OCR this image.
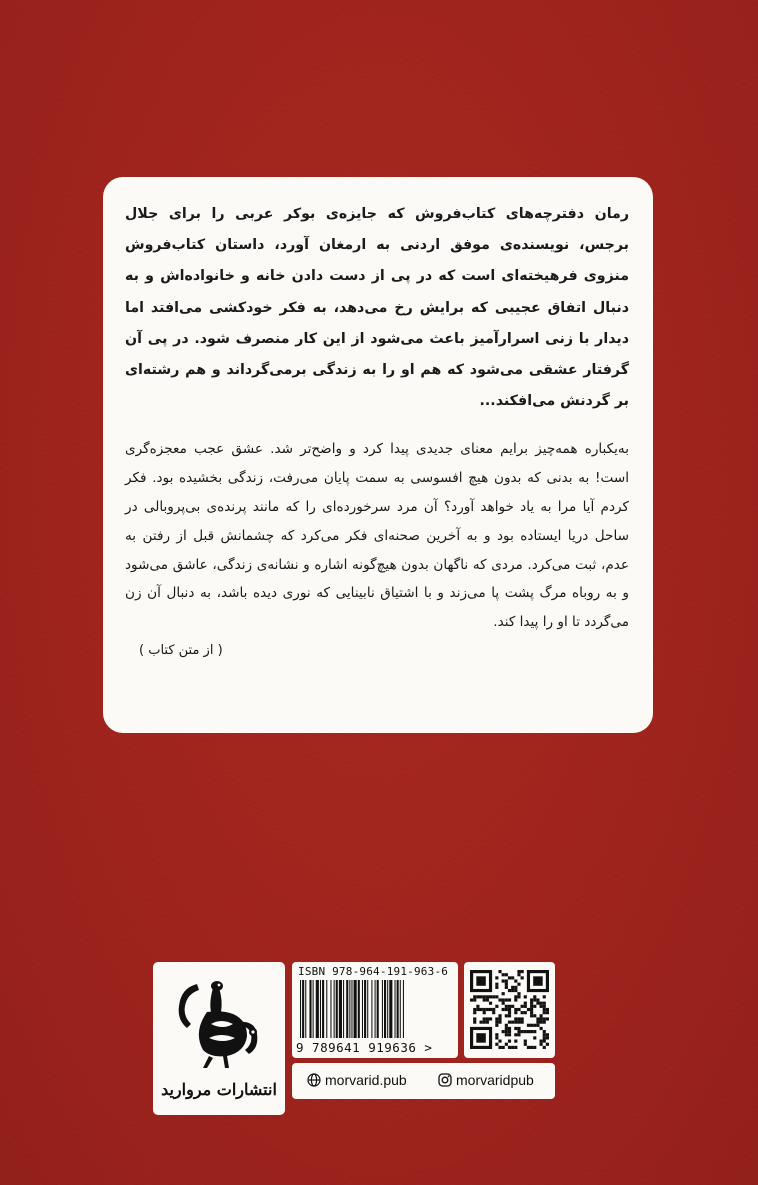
رمان دفترچه‌های کتاب‌فروش که جایزه‌ی بوکر عربی را برای جلال برجس، نویسنده‌ی موفق اردنی به ارمغان آورد، داستان کتاب‌فروش منزوی فرهیخته‌ای است که در پی از دست دادن خانه و خانواده‌اش و به دنبال اتفاق عجیبی که برایش رخ می‌دهد، به فکر خودکشی می‌افتد اما دیدار با زنی اسرارآمیز باعث می‌شود از این کار منصرف شود. در پی آن گرفتار عشقی می‌شود که هم او را به زندگی برمی‌گرداند و هم رشته‌ای بر گردنش می‌افکند...

به‌یکباره همه‌چیز برایم معنای جدیدی پیدا کرد و واضح‌تر شد. عشق عجب معجزه‌گری است! به بدنی که بدون هیچ افسوسی به سمت پایان می‌رفت، زندگی بخشیده بود. فکر کردم آیا مرا به یاد خواهد آورد؟ آن مرد سرخورده‌ای را که مانند پرنده‌ی بی‌پروبالی در ساحل دریا ایستاده بود و به آخرین صحنه‌ای فکر می‌کرد که چشمانش قبل از رفتن به عدم، ثبت می‌کرد. مردی که ناگهان بدون هیچ‌گونه اشاره و نشانه‌ی زندگی، عاشق می‌شود و به روباه مرگ پشت پا می‌زند و با اشتیاق نابینایی که نوری دیده باشد، به دنبال آن زن می‌گردد تا او را پیدا کند.

( از متن کتاب )
انتشارات مروارید
ISBN 978-964-191-963-6
9 789641 919636 >
morvarid.pub	morvaridpub
